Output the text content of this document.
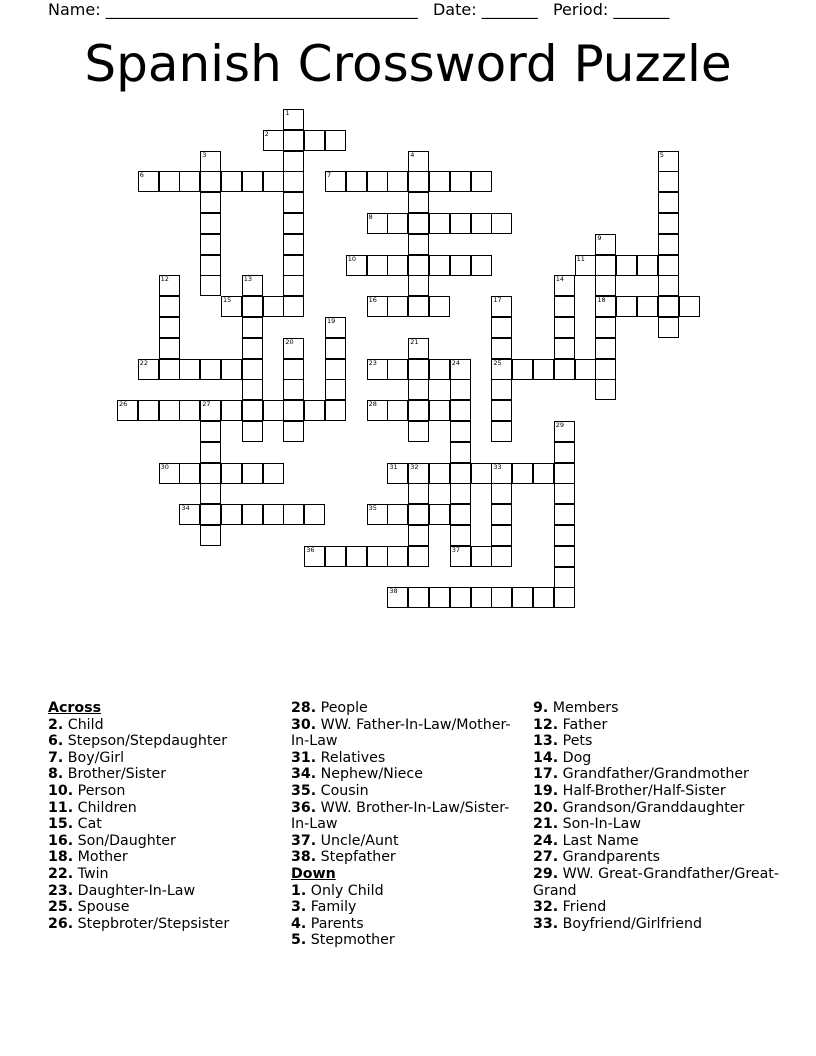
Name: _______________________________________ Date: _______ Period: _______
Spanish Crossword Puzzle
2
6	7
8
10	11
15	16	18
22	23	24	25
26	27	28
30	31 32	33
34	35
36	37
38
1
3	4	5
9
12	13	14
17
19
20	21
29
Across
2. Child
6. Stepson/Stepdaughter
7. Boy/Girl
8. Brother/Sister
10. Person
11. Children
15. Cat
16. Son/Daughter
18. Mother
22. Twin
23. Daughter-In-Law
25. Spouse
26. Stepbroter/Stepsister
28. People
30. WW. Father-In-Law/Mother-In-Law
31. Relatives
34. Nephew/Niece
35. Cousin
36. WW. Brother-In-Law/Sister-In-Law
37. Uncle/Aunt
38. Stepfather
Down
1. Only Child
3. Family
4. Parents
5. Stepmother
9. Members
12. Father
13. Pets
14. Dog
17. Grandfather/Grandmother
19. Half-Brother/Half-Sister
20. Grandson/Granddaughter
21. Son-In-Law
24. Last Name
27. Grandparents
29. WW. Great-Grandfather/Great-Grand
32. Friend
33. Boyfriend/Girlfriend
